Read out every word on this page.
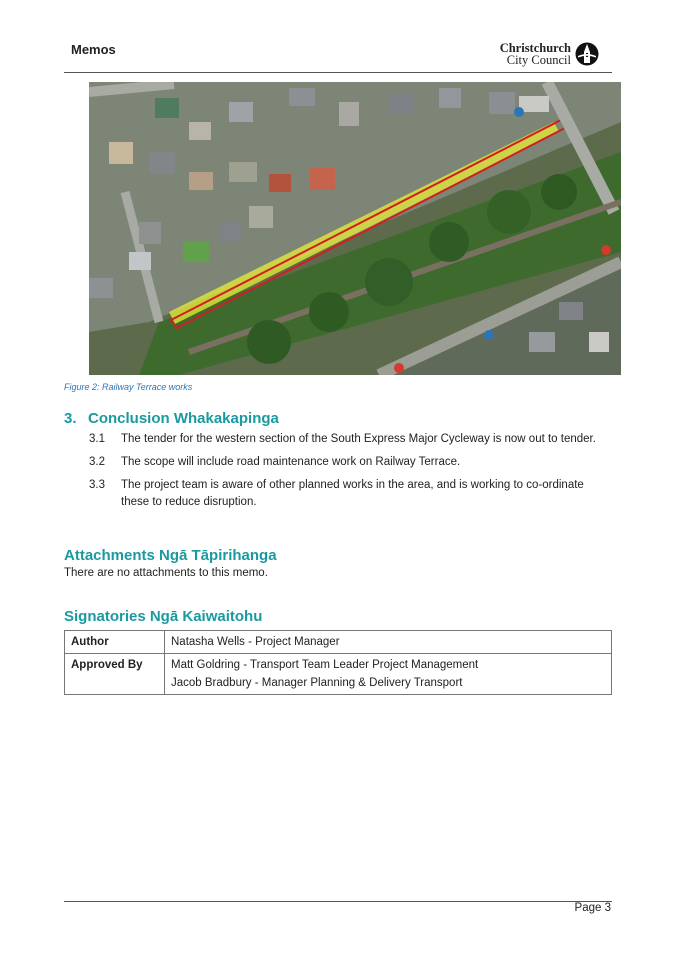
Memos	Christchurch
City Council
Figure 2: Railway Terrace works
3. Conclusion Whakakapinga
3.1 The tender for the western section of the South Express Major Cycleway is now out to tender.
3.2 The scope will include road maintenance work on Railway Terrace.
3.3 The project team is aware of other planned works in the area, and is working to co-ordinate these to reduce disruption.
Attachments Ngā Tāpirihanga
There are no attachments to this memo.
Signatories Ngā Kaiwaitohu
Author	Natasha Wells - Project Manager
Approved By	Matt Goldring - Transport Team Leader Project Management
Jacob Bradbury - Manager Planning & Delivery Transport
Page 3
